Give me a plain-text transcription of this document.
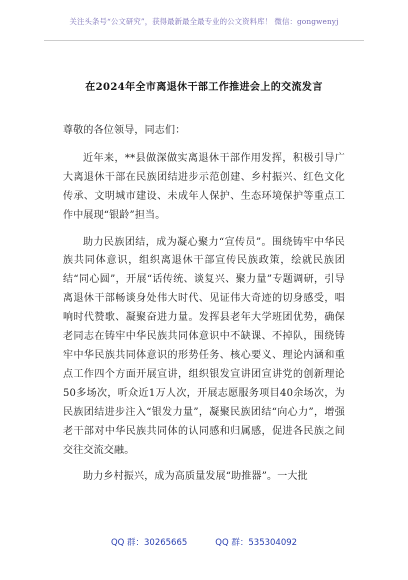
关注头条号“公文研究”，获得最新最全最专业的公文资料库！ 微信：gongwenyj
在2024年全市离退休干部工作推进会上的交流发言

尊敬的各位领导，同志们：

近年来，**县做深做实离退休干部作用发挥，积极引导广大离退休干部在民族团结进步示范创建、乡村振兴、红色文化传承、文明城市建设、未成年人保护、生态环境保护等重点工作中展现“银龄”担当。

助力民族团结，成为凝心聚力“宣传员”。围绕铸牢中华民族共同体意识，组织离退休干部宣传民族政策，绘就民族团结“同心圆”，开展“话传统、谈复兴、聚力量”专题调研，引导离退休干部畅谈身处伟大时代、见证伟大奇迹的切身感受，唱响时代赞歌、凝聚奋进力量。发挥县老年大学班团优势，确保老同志在铸牢中华民族共同体意识中不缺课、不掉队，围绕铸牢中华民族共同体意识的形势任务、核心要义、理论内涵和重点工作四个方面开展宣讲，组织银发宣讲团宣讲党的创新理论50多场次，听众近1万人次，开展志愿服务项目40余场次，为民族团结进步注入“银发力量”，凝聚民族团结“向心力”，增强老干部对中华民族共同体的认同感和归属感，促进各民族之间交往交流交融。

助力乡村振兴，成为高质量发展“助推器”。一大批

QQ 群：30265665	QQ 群：535304092
